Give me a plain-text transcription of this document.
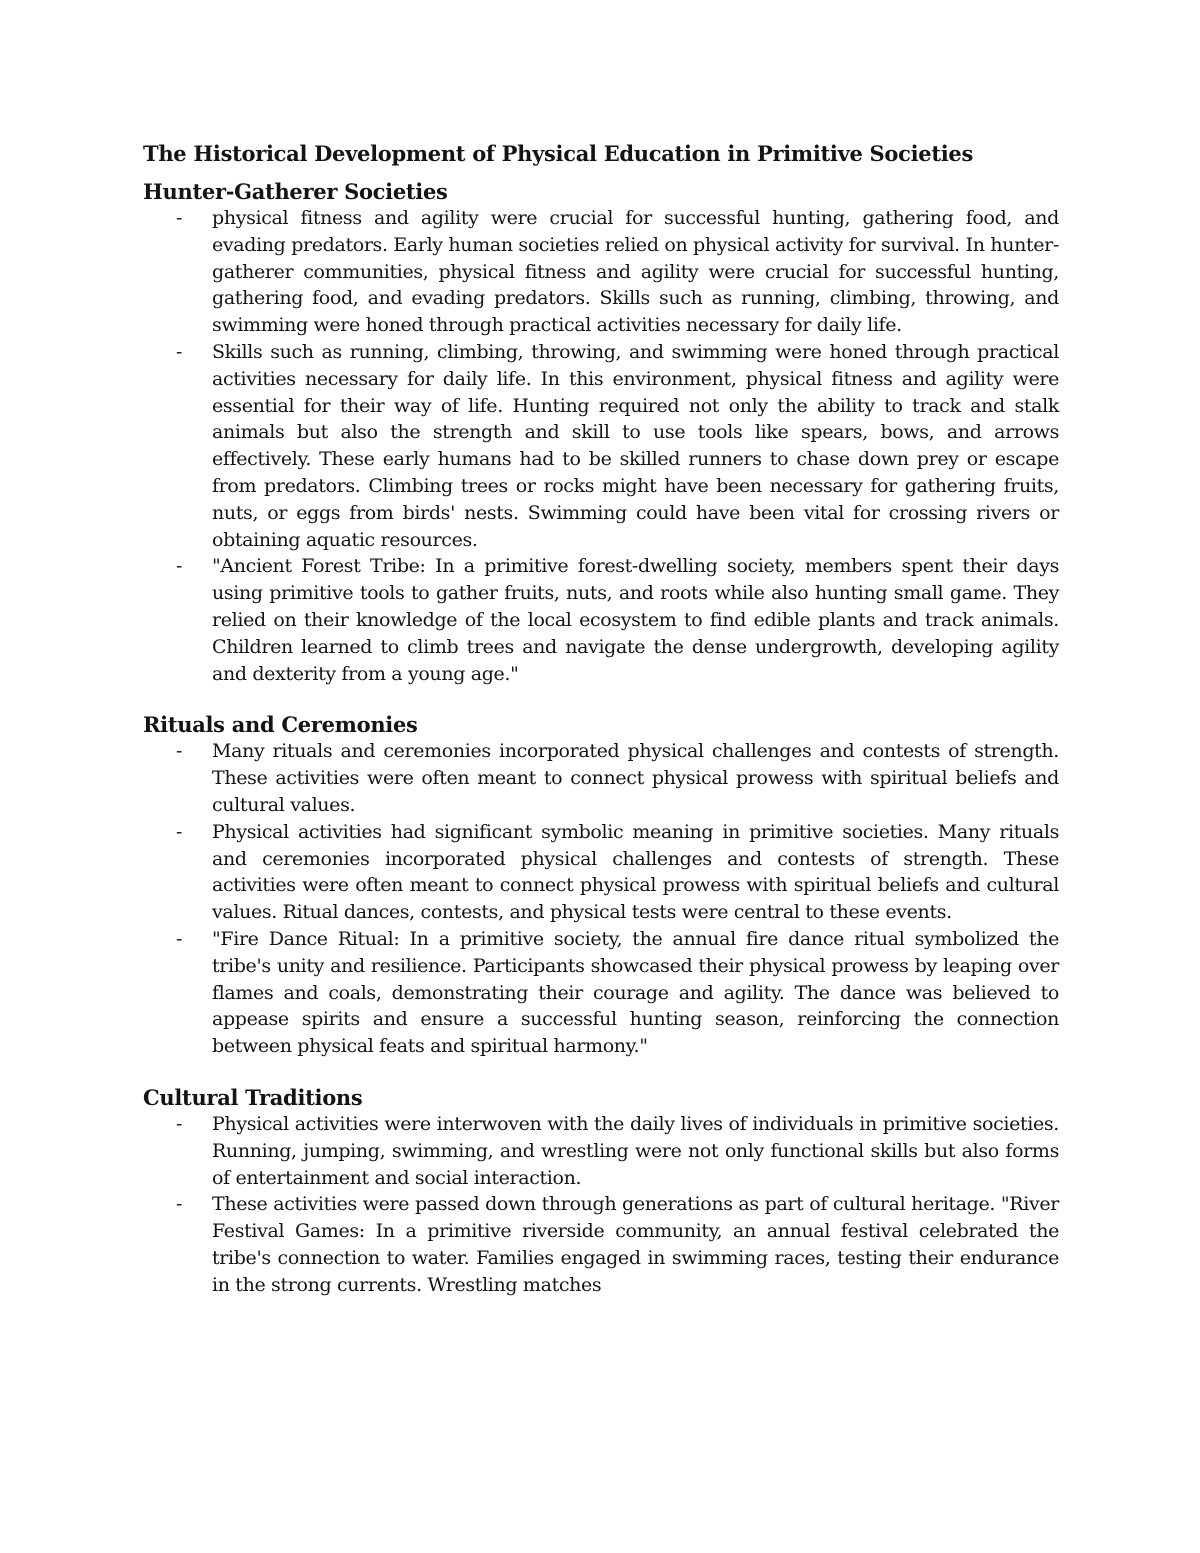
The Historical Development of Physical Education in Primitive Societies
Hunter-Gatherer Societies
- physical fitness and agility were crucial for successful hunting, gathering food, and evading predators. Early human societies relied on physical activity for survival. In hunter-gatherer communities, physical fitness and agility were crucial for successful hunting, gathering food, and evading predators. Skills such as running, climbing, throwing, and swimming were honed through practical activities necessary for daily life.
- Skills such as running, climbing, throwing, and swimming were honed through practical activities necessary for daily life. In this environment, physical fitness and agility were essential for their way of life. Hunting required not only the ability to track and stalk animals but also the strength and skill to use tools like spears, bows, and arrows effectively. These early humans had to be skilled runners to chase down prey or escape from predators. Climbing trees or rocks might have been necessary for gathering fruits, nuts, or eggs from birds' nests. Swimming could have been vital for crossing rivers or obtaining aquatic resources.
- "Ancient Forest Tribe: In a primitive forest-dwelling society, members spent their days using primitive tools to gather fruits, nuts, and roots while also hunting small game. They relied on their knowledge of the local ecosystem to find edible plants and track animals. Children learned to climb trees and navigate the dense undergrowth, developing agility and dexterity from a young age."
Rituals and Ceremonies
- Many rituals and ceremonies incorporated physical challenges and contests of strength. These activities were often meant to connect physical prowess with spiritual beliefs and cultural values.
- Physical activities had significant symbolic meaning in primitive societies. Many rituals and ceremonies incorporated physical challenges and contests of strength. These activities were often meant to connect physical prowess with spiritual beliefs and cultural values. Ritual dances, contests, and physical tests were central to these events.
- "Fire Dance Ritual: In a primitive society, the annual fire dance ritual symbolized the tribe's unity and resilience. Participants showcased their physical prowess by leaping over flames and coals, demonstrating their courage and agility. The dance was believed to appease spirits and ensure a successful hunting season, reinforcing the connection between physical feats and spiritual harmony."
Cultural Traditions
- Physical activities were interwoven with the daily lives of individuals in primitive societies. Running, jumping, swimming, and wrestling were not only functional skills but also forms of entertainment and social interaction.
- These activities were passed down through generations as part of cultural heritage. "River Festival Games: In a primitive riverside community, an annual festival celebrated the tribe's connection to water. Families engaged in swimming races, testing their endurance in the strong currents. Wrestling matches
